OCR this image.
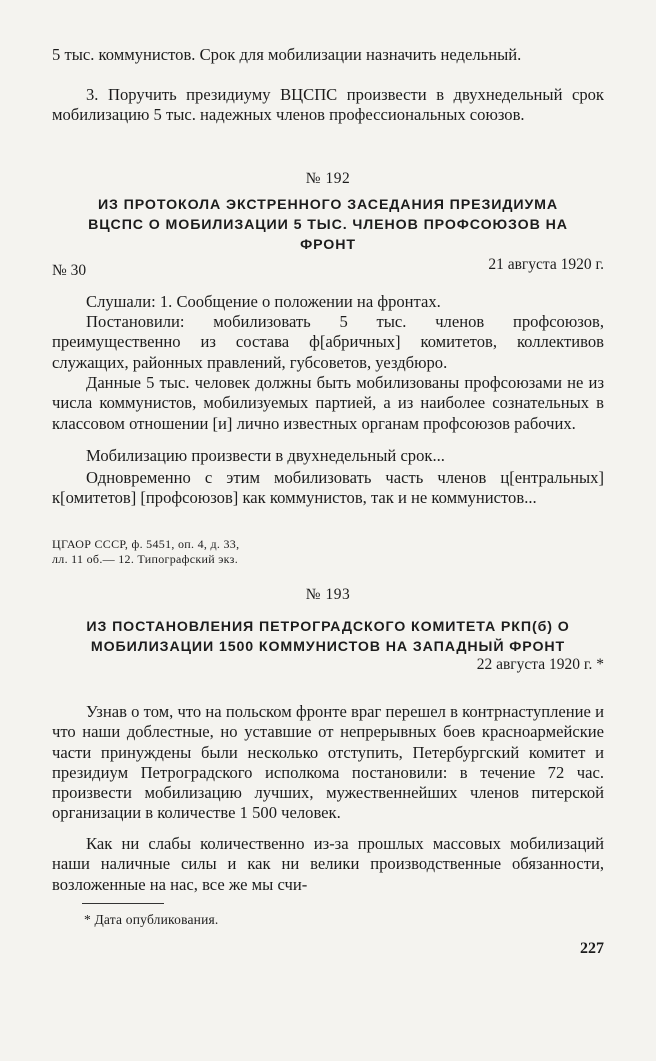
5 тыс. коммунистов. Срок для мобилизации назначить недельный.

3. Поручить президиуму ВЦСПС произвести в двухнедельный срок мобилизацию 5 тыс. надежных членов профессиональных союзов.

№ 192
ИЗ ПРОТОКОЛА ЭКСТРЕННОГО ЗАСЕДАНИЯ ПРЕЗИДИУМА ВЦСПС О МОБИЛИЗАЦИИ 5 ТЫС. ЧЛЕНОВ ПРОФСОЮЗОВ НА ФРОНТ
№ 30	21 августа 1920 г.

Слушали: 1. Сообщение о положении на фронтах.

Постановили: мобилизовать 5 тыс. членов профсоюзов, преимущественно из состава ф[абричных] комитетов, коллективов служащих, районных правлений, губсоветов, уездбюро.

Данные 5 тыс. человек должны быть мобилизованы профсоюзами не из числа коммунистов, мобилизуемых партией, а из наиболее сознательных в классовом отношении [и] лично известных органам профсоюзов рабочих.

Мобилизацию произвести в двухнедельный срок...

Одновременно с этим мобилизовать часть членов ц[ентральных] к[омитетов] [профсоюзов] как коммунистов, так и не коммунистов...

ЦГАОР СССР, ф. 5451, оп. 4, д. 33,
лл. 11 об.— 12. Типографский экз.
№ 193
ИЗ ПОСТАНОВЛЕНИЯ ПЕТРОГРАДСКОГО КОМИТЕТА РКП(б) О МОБИЛИЗАЦИИ 1500 КОММУНИСТОВ НА ЗАПАДНЫЙ ФРОНТ
22 августа 1920 г. *

Узнав о том, что на польском фронте враг перешел в контрнаступление и что наши доблестные, но уставшие от непрерывных боев красноармейские части принуждены были несколько отступить, Петербургский комитет и президиум Петроградского исполкома постановили: в течение 72 час. произвести мобилизацию лучших, мужественнейших членов питерской организации в количестве 1 500 человек.

Как ни слабы количественно из-за прошлых массовых мобилизаций наши наличные силы и как ни велики производственные обязанности, возложенные на нас, все же мы счи-

* Дата опубликования.
227
